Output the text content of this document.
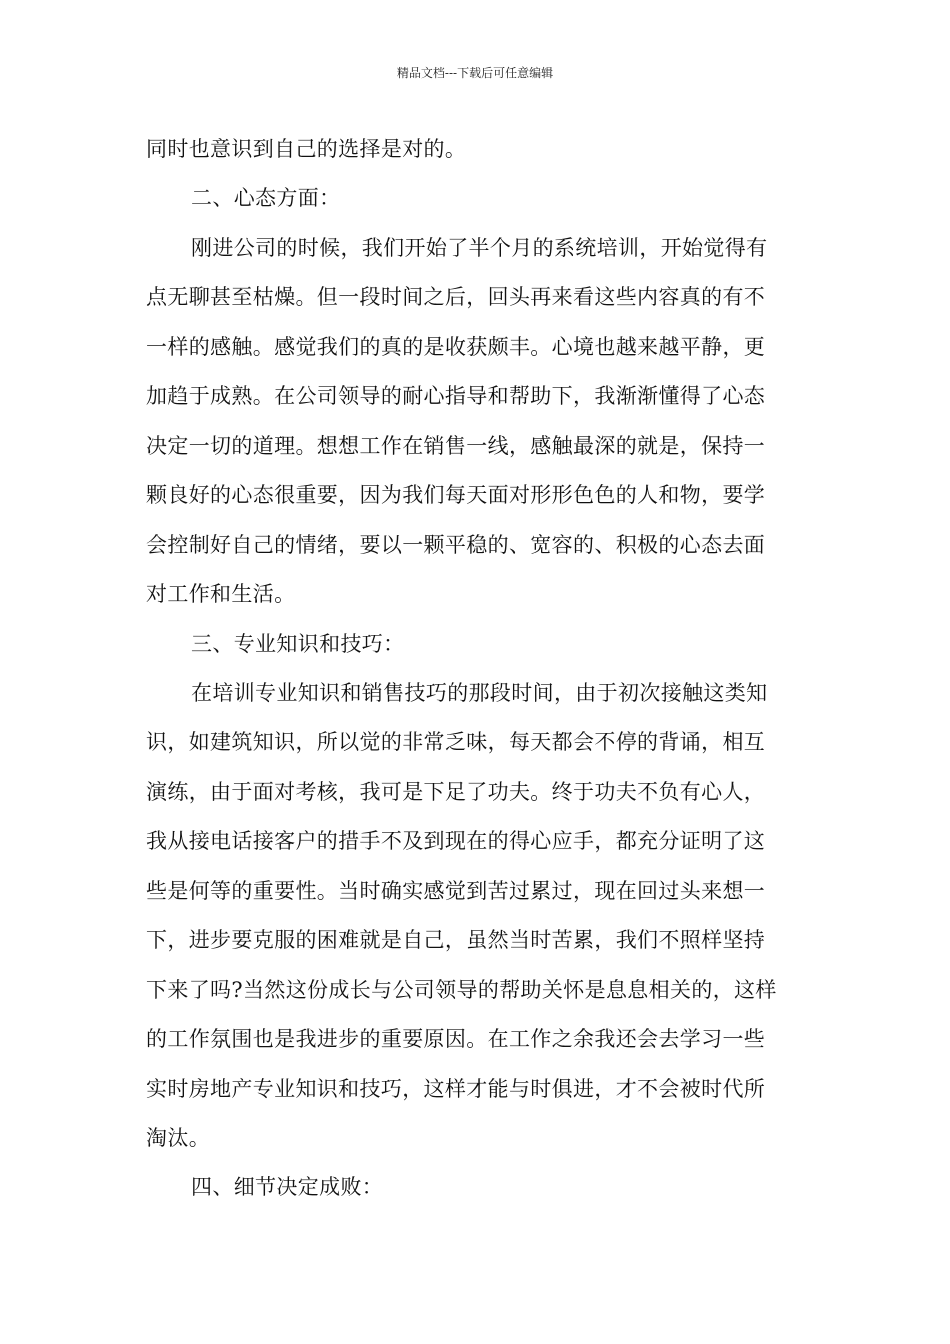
精品文档---下载后可任意编辑
同时也意识到自己的选择是对的。
二、心态方面：
刚进公司的时候，我们开始了半个月的系统培训，开始觉得有
点无聊甚至枯燥。但一段时间之后，回头再来看这些内容真的有不
一样的感触。感觉我们的真的是收获颇丰。心境也越来越平静，更
加趋于成熟。在公司领导的耐心指导和帮助下，我渐渐懂得了心态
决定一切的道理。想想工作在销售一线，感触最深的就是，保持一
颗良好的心态很重要，因为我们每天面对形形色色的人和物，要学
会控制好自己的情绪，要以一颗平稳的、宽容的、积极的心态去面
对工作和生活。
三、专业知识和技巧：
在培训专业知识和销售技巧的那段时间，由于初次接触这类知
识，如建筑知识，所以觉的非常乏味，每天都会不停的背诵，相互
演练，由于面对考核，我可是下足了功夫。终于功夫不负有心人，
我从接电话接客户的措手不及到现在的得心应手，都充分证明了这
些是何等的重要性。当时确实感觉到苦过累过，现在回过头来想一
下，进步要克服的困难就是自己，虽然当时苦累，我们不照样坚持
下来了吗?当然这份成长与公司领导的帮助关怀是息息相关的，这样
的工作氛围也是我进步的重要原因。在工作之余我还会去学习一些
实时房地产专业知识和技巧，这样才能与时俱进，才不会被时代所
淘汰。
四、细节决定成败：
